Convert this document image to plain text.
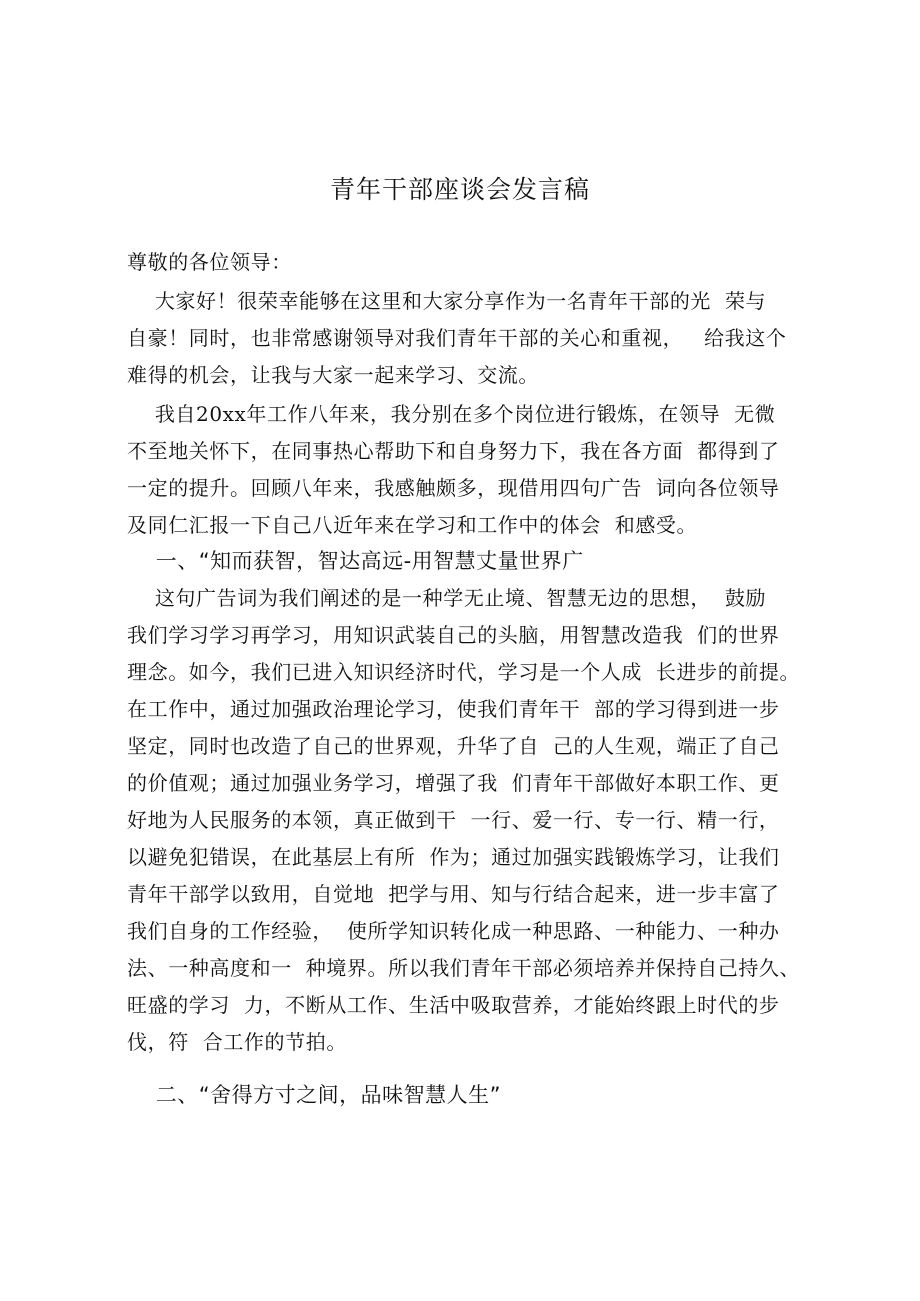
青年干部座谈会发言稿
尊敬的各位领导：
大家好！很荣幸能够在这里和大家分享作为一名青年干部的光  荣与
自豪！同时，也非常感谢领导对我们青年干部的关心和重视，   给我这个
难得的机会，让我与大家一起来学习、交流。
我自20xx年工作八年来，我分别在多个岗位进行锻炼，在领导  无微
不至地关怀下，在同事热心帮助下和自身努力下，我在各方面  都得到了
一定的提升。回顾八年来，我感触颇多，现借用四句广告  词向各位领导
及同仁汇报一下自己八近年来在学习和工作中的体会  和感受。
一、“知而获智，智达高远-用智慧丈量世界广
这句广告词为我们阐述的是一种学无止境、智慧无边的思想，  鼓励
我们学习学习再学习，用知识武装自己的头脑，用智慧改造我  们的世界
理念。如今，我们已进入知识经济时代，学习是一个人成  长进步的前提。
在工作中，通过加强政治理论学习，使我们青年干  部的学习得到进一步
坚定，同时也改造了自己的世界观，升华了自  己的人生观，端正了自己
的价值观；通过加强业务学习，增强了我  们青年干部做好本职工作、更
好地为人民服务的本领，真正做到干  一行、爱一行、专一行、精一行，
以避免犯错误，在此基层上有所  作为；通过加强实践锻炼学习，让我们
青年干部学以致用，自觉地  把学与用、知与行结合起来，进一步丰富了
我们自身的工作经验，  使所学知识转化成一种思路、一种能力、一种办
法、一种高度和一  种境界。所以我们青年干部必须培养并保持自己持久、
旺盛的学习  力，不断从工作、生活中吸取营养，才能始终跟上时代的步
伐，符  合工作的节拍。
二、“舍得方寸之间，品味智慧人生”
